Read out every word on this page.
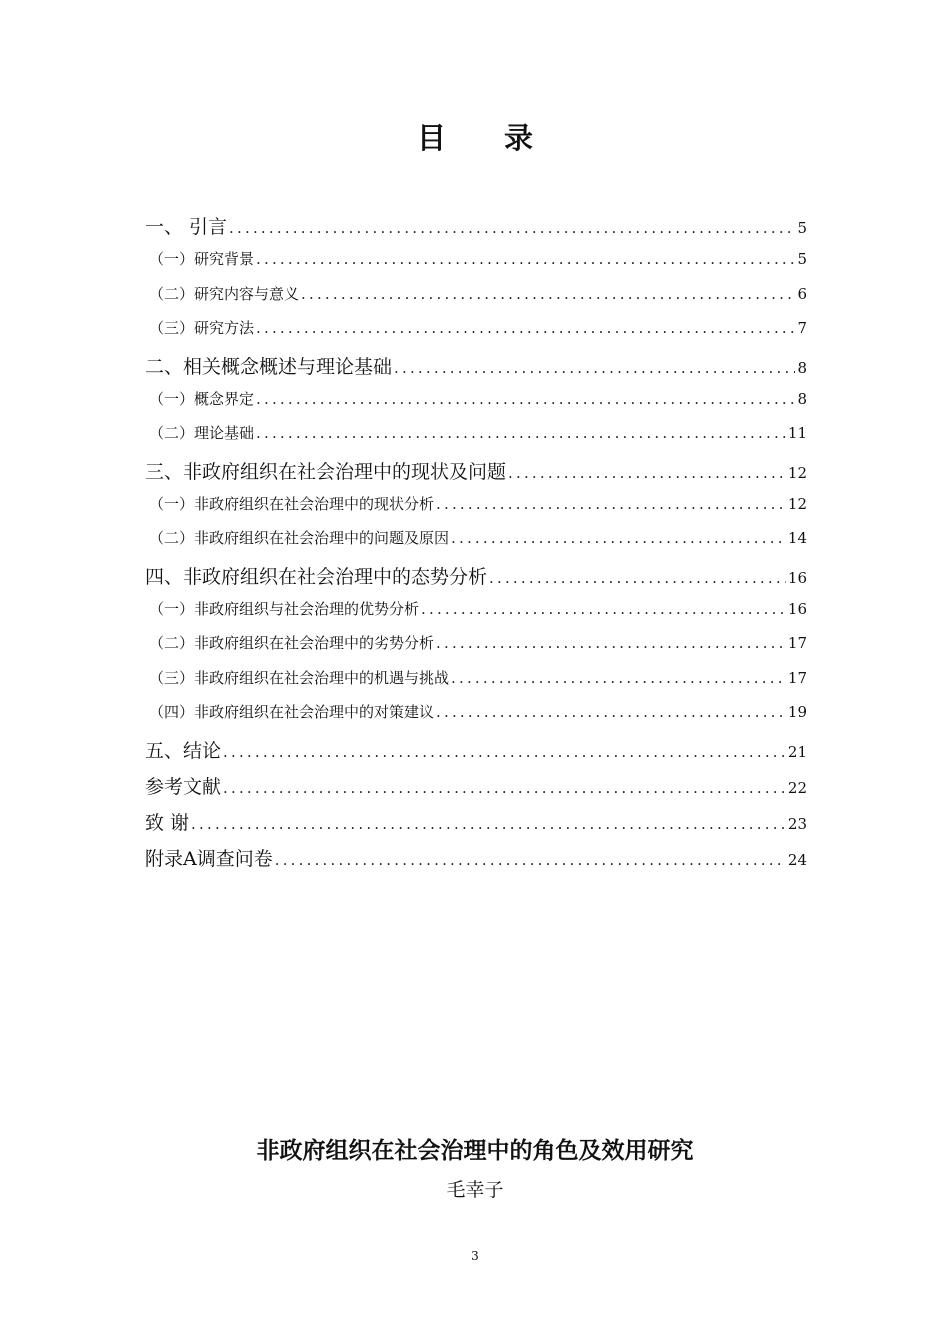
目 录
一、 引言 .....	5
（一）研究背景 .....	5
（二）研究内容与意义 .....	6
（三）研究方法 .....	7
二、相关概念概述与理论基础 .....	8
（一）概念界定 .....	8
（二）理论基础 .....	11
三、非政府组织在社会治理中的现状及问题 .....	12
（一）非政府组织在社会治理中的现状分析 .....	12
（二）非政府组织在社会治理中的问题及原因 .....	14
四、非政府组织在社会治理中的态势分析 .....	16
（一）非政府组织与社会治理的优势分析 .....	16
（二）非政府组织在社会治理中的劣势分析 .....	17
（三）非政府组织在社会治理中的机遇与挑战 .....	17
（四）非政府组织在社会治理中的对策建议 .....	19
五、结论 .....	21
参考文献 .....	22
致 谢 .....	23
附录A调查问卷 .....	24
非政府组织在社会治理中的角色及效用研究
毛幸子
3
